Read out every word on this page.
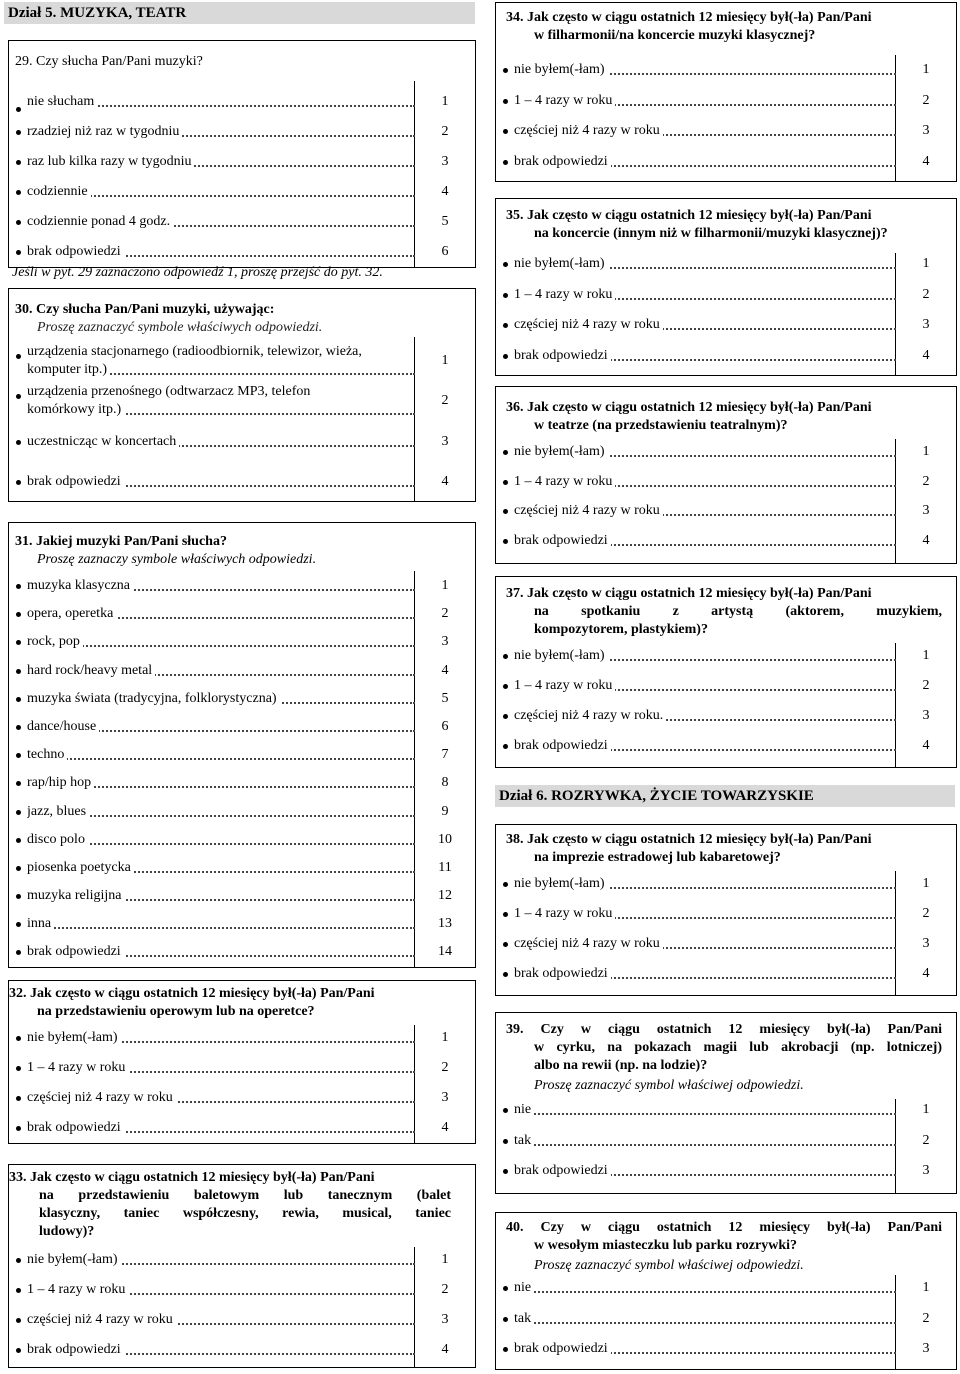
Dział 5. MUZYKA, TEATR
29. Czy słucha Pan/Pani muzyki?
nie słucham	1
rzadziej niż raz w tygodniu	2
raz lub kilka razy w tygodniu	3
codziennie	4
codziennie ponad 4 godz.	5
brak odpowiedzi	6
Jeśli w pyt. 29 zaznaczono odpowiedź 1, proszę przejść do pyt. 32.
30. Czy słucha Pan/Pani muzyki, używając:
Proszę zaznaczyć symbole właściwych odpowiedzi.
urządzenia stacjonarnego (radioodbiornik, telewizor, wieża,

komputer itp.)
1
urządzenia przenośnego (odtwarzacz MP3, telefon

komórkowy itp.)
2
uczestnicząc w koncertach	3
brak odpowiedzi	4
31. Jakiej muzyki Pan/Pani słucha?
Proszę zaznaczy symbole właściwych odpowiedzi.
muzyka klasyczna	1
opera, operetka	2
rock, pop	3
hard rock/heavy metal	4
muzyka świata (tradycyjna, folklorystyczna)	5
dance/house	6
techno	7
rap/hip hop	8
jazz, blues	9
disco polo	10
piosenka poetycka	11
muzyka religijna	12
inna	13
brak odpowiedzi	14
32. Jak często w ciągu ostatnich 12 miesięcy był(-ła) Pan/Pani
na przedstawieniu operowym lub na operetce?
nie byłem(-łam)	1
1 – 4 razy w roku	2
częściej niż 4 razy w roku	3
brak odpowiedzi	4
33. Jak często w ciągu ostatnich 12 miesięcy był(-ła) Pan/Pani
na przedstawieniu baletowym lub tanecznym (balet
klasyczny, taniec współczesny, rewia, musical, taniec
ludowy)?
nie byłem(-łam)	1
1 – 4 razy w roku	2
częściej niż 4 razy w roku	3
brak odpowiedzi	4
34. Jak często w ciągu ostatnich 12 miesięcy był(-ła) Pan/Pani
w filharmonii/na koncercie muzyki klasycznej?
nie byłem(-łam)	1
1 – 4 razy w roku	2
częściej niż 4 razy w roku	3
brak odpowiedzi	4
35. Jak często w ciągu ostatnich 12 miesięcy był(-ła) Pan/Pani
na koncercie (innym niż w filharmonii/muzyki klasycznej)?
nie byłem(-łam)	1
1 – 4 razy w roku	2
częściej niż 4 razy w roku	3
brak odpowiedzi	4
36. Jak często w ciągu ostatnich 12 miesięcy był(-ła) Pan/Pani
w teatrze (na przedstawieniu teatralnym)?
nie byłem(-łam)	1
1 – 4 razy w roku	2
częściej niż 4 razy w roku	3
brak odpowiedzi	4
37. Jak często w ciągu ostatnich 12 miesięcy był(-ła) Pan/Pani
na spotkaniu z artystą (aktorem, muzykiem,
kompozytorem, plastykiem)?
nie byłem(-łam)	1
1 – 4 razy w roku	2
częściej niż 4 razy w roku.	3
brak odpowiedzi	4
Dział 6. ROZRYWKA, ŻYCIE TOWARZYSKIE
38. Jak często w ciągu ostatnich 12 miesięcy był(-ła) Pan/Pani
na imprezie estradowej lub kabaretowej?
nie byłem(-łam)	1
1 – 4 razy w roku	2
częściej niż 4 razy w roku	3
brak odpowiedzi	4
39. Czy w ciągu ostatnich 12 miesięcy był(-ła) Pan/Pani
w cyrku, na pokazach magii lub akrobacji (np. lotniczej)
albo na rewii (np. na lodzie)?
Proszę zaznaczyć symbol właściwej odpowiedzi.
nie	1
tak	2
brak odpowiedzi	3
40. Czy w ciągu ostatnich 12 miesięcy był(-ła) Pan/Pani
w wesołym miasteczku lub parku rozrywki?
Proszę zaznaczyć symbol właściwej odpowiedzi.
nie	1
tak	2
brak odpowiedzi	3
